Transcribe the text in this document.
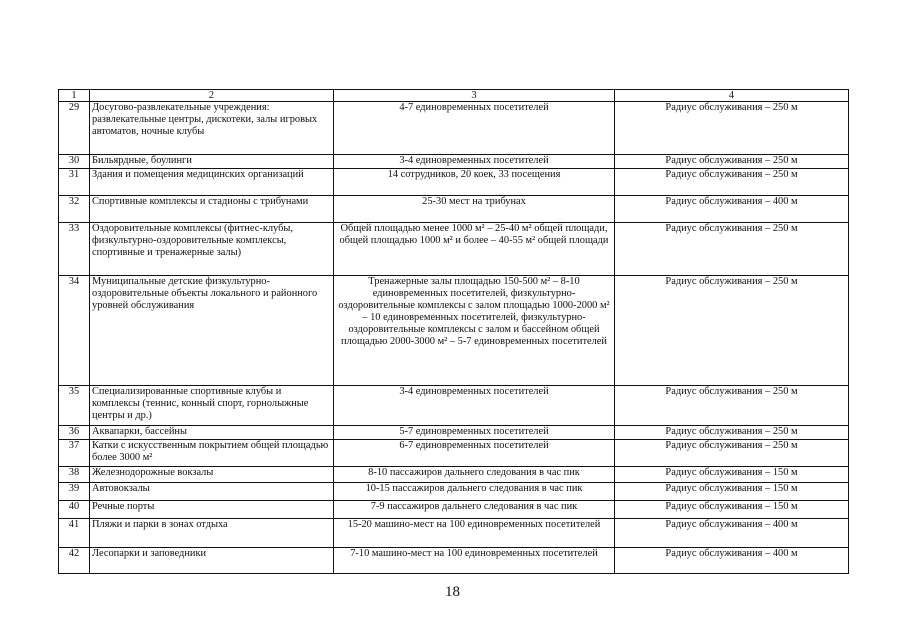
1	2	3	4
29	Досугово-развлекательные учреждения: развлекательные центры, дискотеки, залы игровых автоматов, ночные клубы	4-7 единовременных посетителей	Радиус обслуживания – 250 м
30	Бильярдные, боулинги	3-4 единовременных посетителей	Радиус обслуживания – 250 м
31	Здания и помещения медицинских организаций	14 сотрудников, 20 коек, 33 посещения	Радиус обслуживания – 250 м
32	Спортивные комплексы и стадионы с трибунами	25-30 мест на трибунах	Радиус обслуживания – 400 м
33	Оздоровительные комплексы (фитнес-клубы, физкультурно-оздоровительные комплексы, спортивные и тренажерные залы)	Общей площадью менее 1000 м² – 25-40 м² общей площади, общей площадью 1000 м² и более – 40-55 м² общей площади	Радиус обслуживания – 250 м
34	Муниципальные детские физкультурно-оздоровительные объекты локального и районного уровней обслуживания	Тренажерные залы площадью 150-500 м² – 8-10 единовременных посетителей, физкультурно-оздоровительные комплексы с залом площадью 1000-2000 м² – 10 единовременных посетителей, физкультурно-оздоровительные комплексы с залом и бассейном общей площадью 2000-3000 м² – 5-7 единовременных посетителей	Радиус обслуживания – 250 м
35	Специализированные спортивные клубы и комплексы (теннис, конный спорт, горнолыжные центры и др.)	3-4 единовременных посетителей	Радиус обслуживания – 250 м
36	Аквапарки, бассейны	5-7 единовременных посетителей	Радиус обслуживания – 250 м
37	Катки с искусственным покрытием общей площадью более 3000 м²	6-7 единовременных посетителей	Радиус обслуживания – 250 м
38	Железнодорожные вокзалы	8-10 пассажиров дальнего следования в час пик	Радиус обслуживания – 150 м
39	Автовокзалы	10-15 пассажиров дальнего следования в час пик	Радиус обслуживания – 150 м
40	Речные порты	7-9 пассажиров дальнего следования в час пик	Радиус обслуживания – 150 м
41	Пляжи и парки в зонах отдыха	15-20 машино-мест на 100 единовременных посетителей	Радиус обслуживания – 400 м
42	Лесопарки и заповедники	7-10 машино-мест на 100 единовременных посетителей	Радиус обслуживания – 400 м
18
